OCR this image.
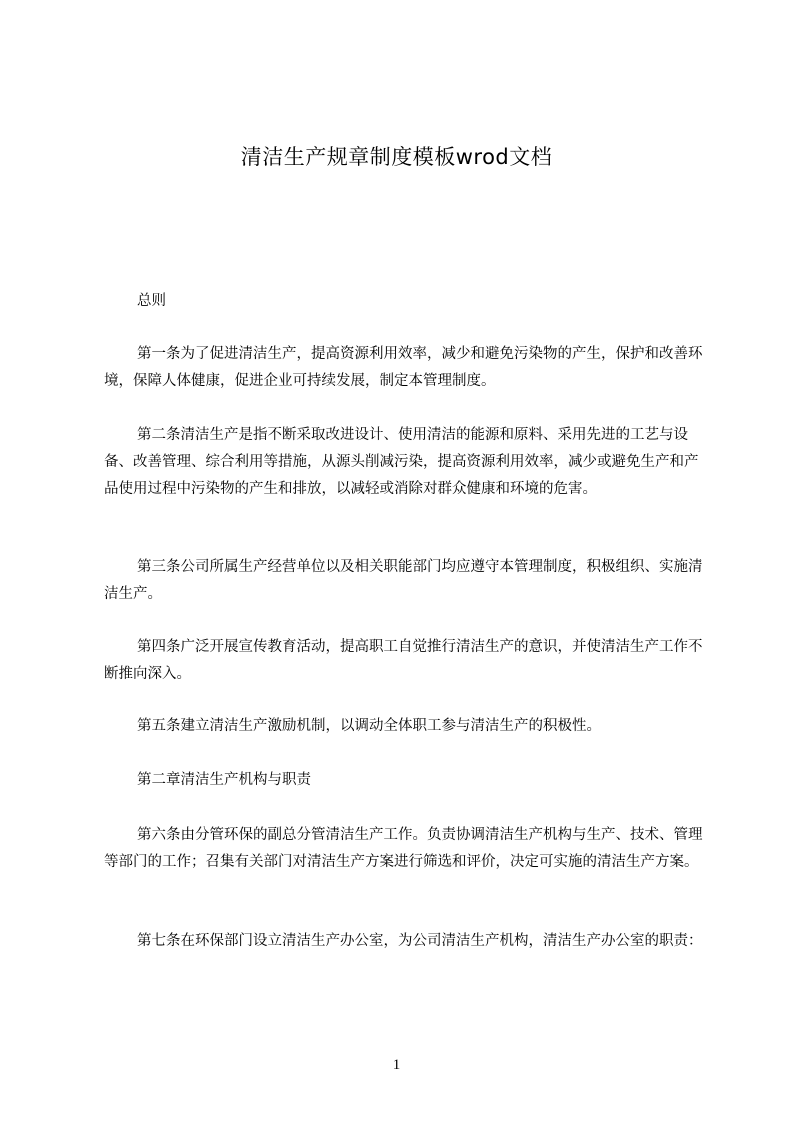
清洁生产规章制度模板wrod文档

总则

第一条为了促进清洁生产，提高资源利用效率，减少和避免污染物的产生，保护和改善环境，保障人体健康，促进企业可持续发展，制定本管理制度。

第二条清洁生产是指不断采取改进设计、使用清洁的能源和原料、采用先进的工艺与设备、改善管理、综合利用等措施，从源头削减污染，提高资源利用效率，减少或避免生产和产品使用过程中污染物的产生和排放，以减轻或消除对群众健康和环境的危害。

第三条公司所属生产经营单位以及相关职能部门均应遵守本管理制度，积极组织、实施清洁生产。

第四条广泛开展宣传教育活动，提高职工自觉推行清洁生产的意识，并使清洁生产工作不断推向深入。

第五条建立清洁生产激励机制，以调动全体职工参与清洁生产的积极性。

第二章清洁生产机构与职责

第六条由分管环保的副总分管清洁生产工作。负责协调清洁生产机构与生产、技术、管理等部门的工作；召集有关部门对清洁生产方案进行筛选和评价，决定可实施的清洁生产方案。

第七条在环保部门设立清洁生产办公室，为公司清洁生产机构，清洁生产办公室的职责：

1
